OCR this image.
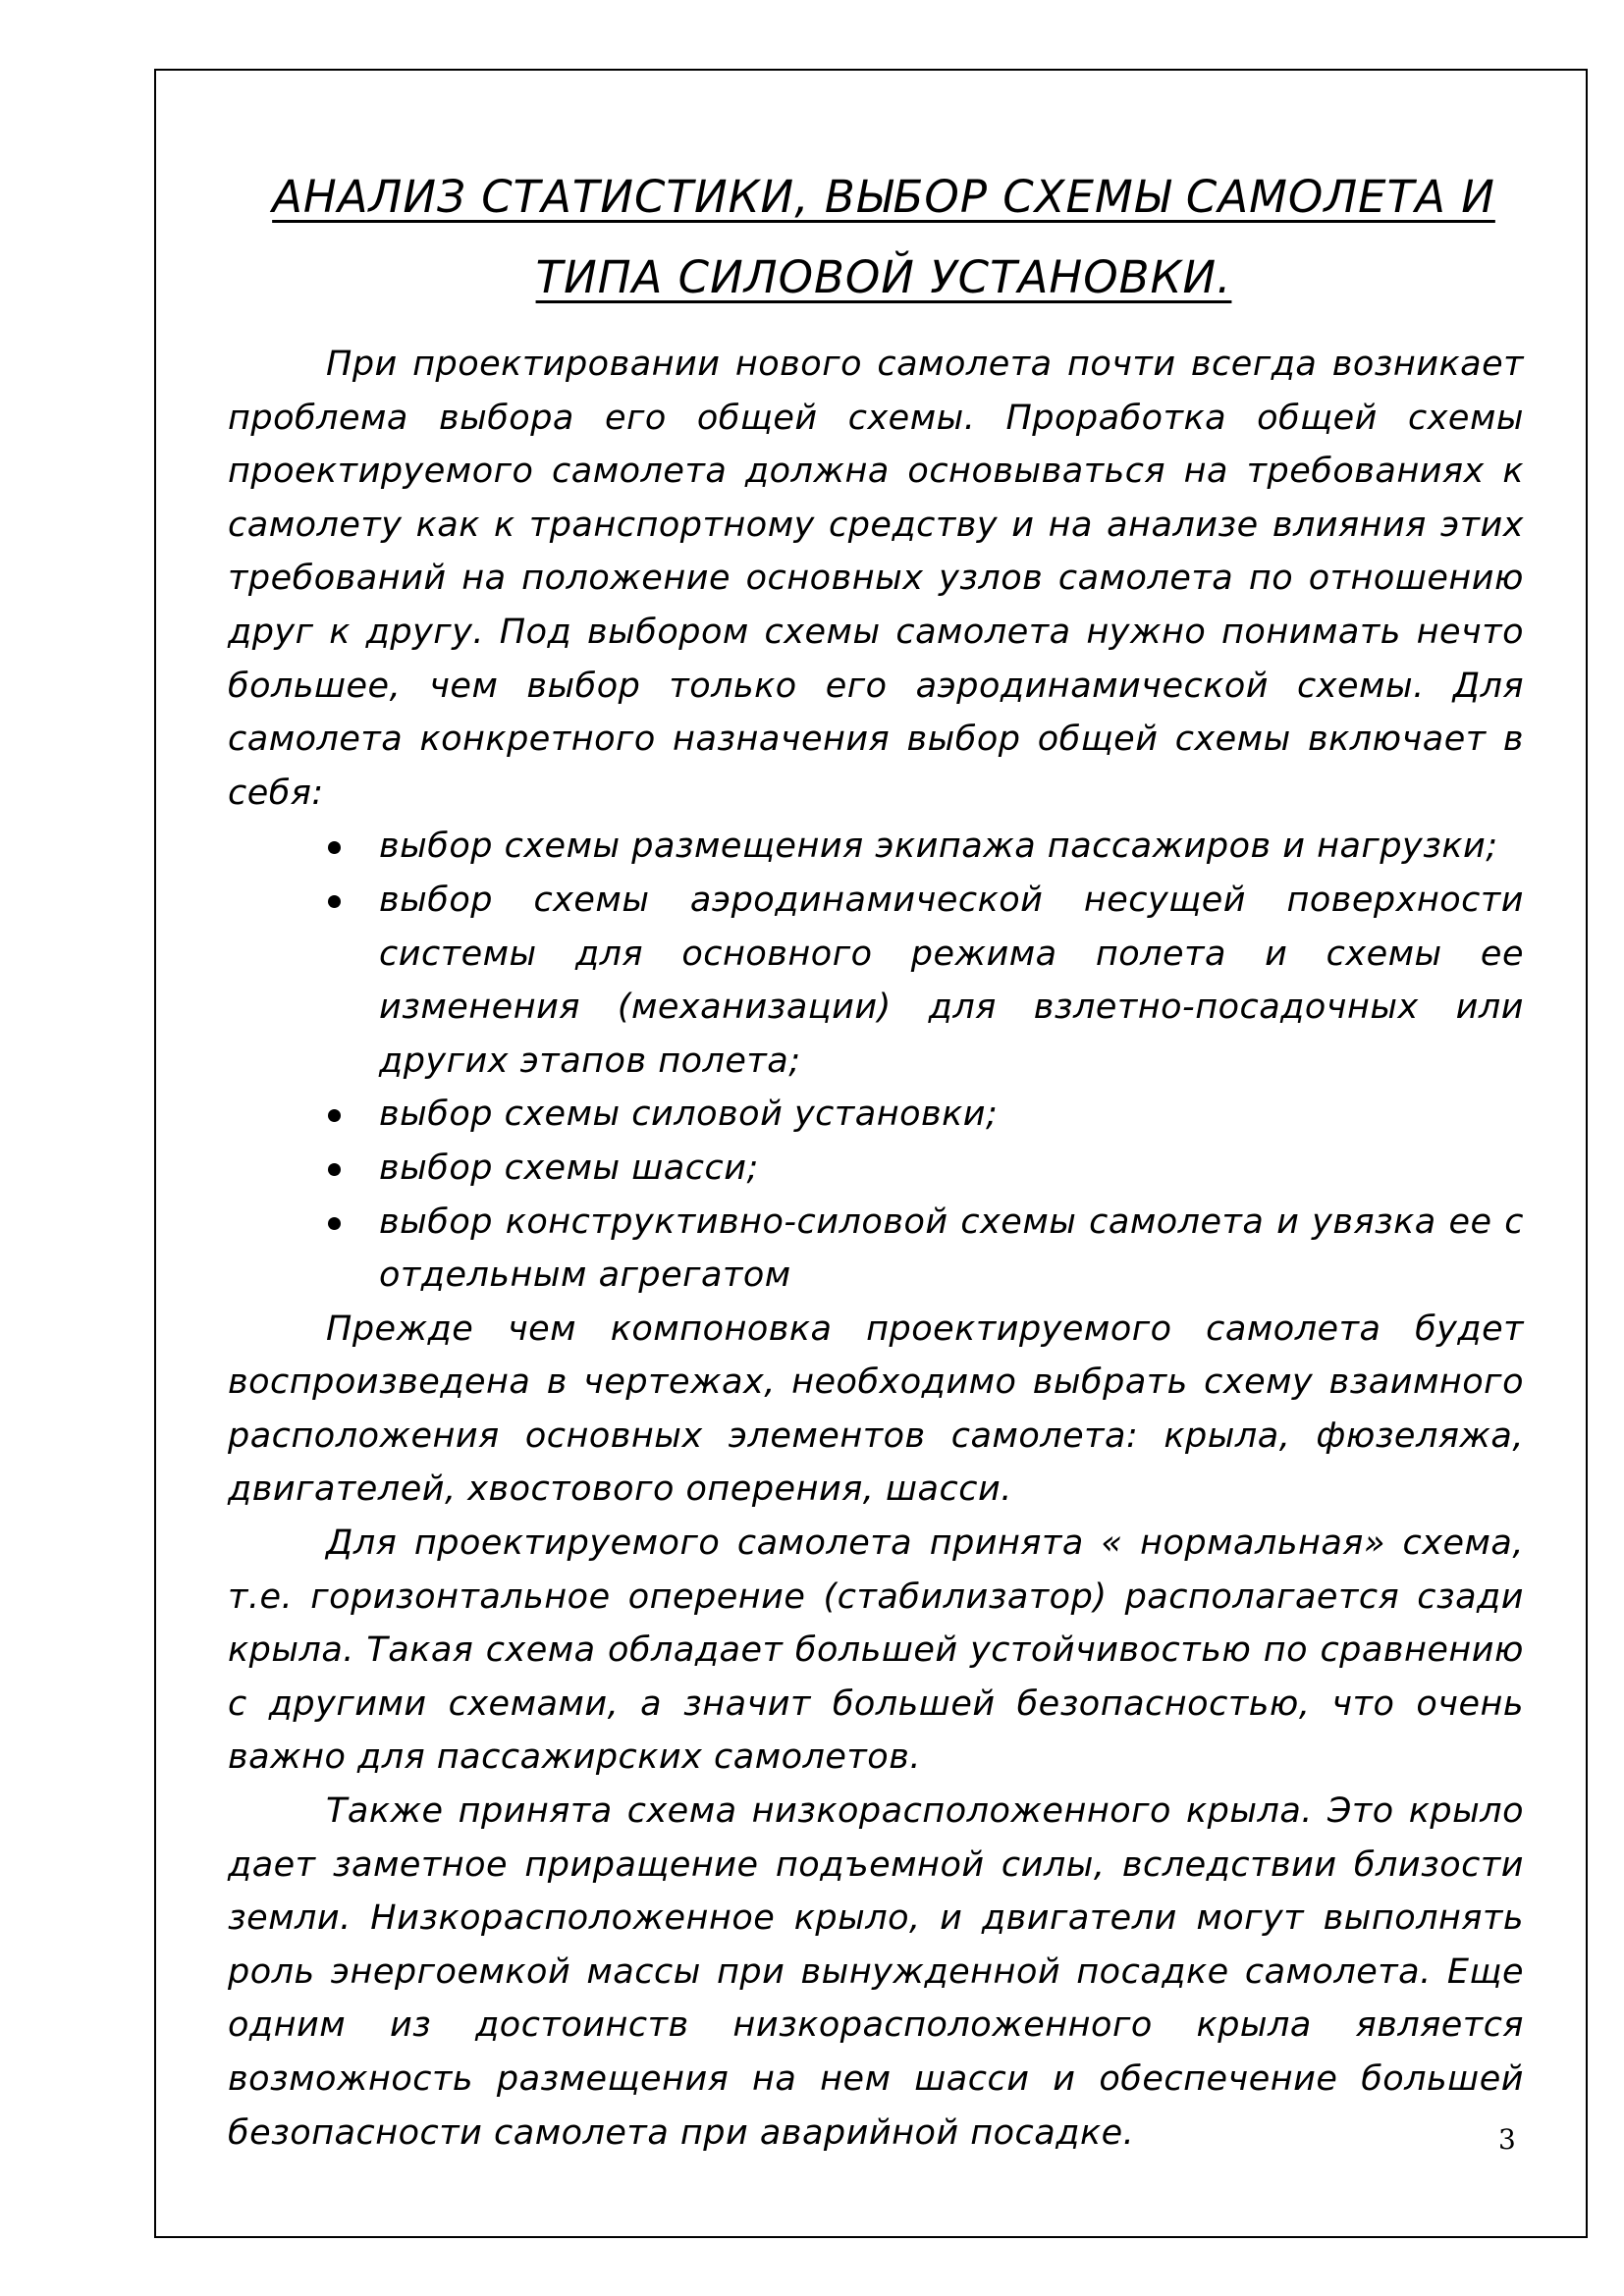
АНАЛИЗ СТАТИСТИКИ, ВЫБОР СХЕМЫ САМОЛЕТА И
ТИПА СИЛОВОЙ УСТАНОВКИ.

При проектировании нового самолета почти всегда возникает проблема выбора его общей схемы. Проработка общей схемы проектируемого самолета должна основываться на требованиях к самолету как к транспортному средству и на анализе влияния этих требований на положение основных узлов самолета по отношению друг к другу. Под выбором схемы самолета нужно понимать нечто большее, чем выбор только его аэродинамической схемы. Для самолета конкретного назначения выбор общей схемы включает в себя:

выбор схемы размещения экипажа пассажиров и нагрузки;
выбор схемы аэродинамической несущей поверхности системы для основного режима полета и схемы ее изменения (механизации) для взлетно-посадочных или других этапов полета;
выбор схемы силовой установки;
выбор схемы шасси;
выбор конструктивно-силовой схемы самолета и увязка ее с отдельным агрегатом

Прежде чем компоновка проектируемого самолета будет воспроизведена в чертежах, необходимо выбрать схему взаимного расположения основных элементов самолета: крыла, фюзеляжа, двигателей, хвостового оперения, шасси.

Для проектируемого самолета принята « нормальная» схема, т.е. горизонтальное оперение (стабилизатор) располагается сзади крыла. Такая схема обладает большей устойчивостью по сравнению с другими схемами, а значит большей безопасностью, что очень важно для пассажирских самолетов.

Также принята схема низкорасположенного крыла. Это крыло дает заметное приращение подъемной силы, вследствии близости земли. Низкорасположенное крыло, и двигатели могут выполнять роль энергоемкой массы при вынужденной посадке самолета. Еще одним из достоинств низкорасположенного крыла является возможность размещения на нем шасси и обеспечение большей безопасности самолета при аварийной посадке.	3
